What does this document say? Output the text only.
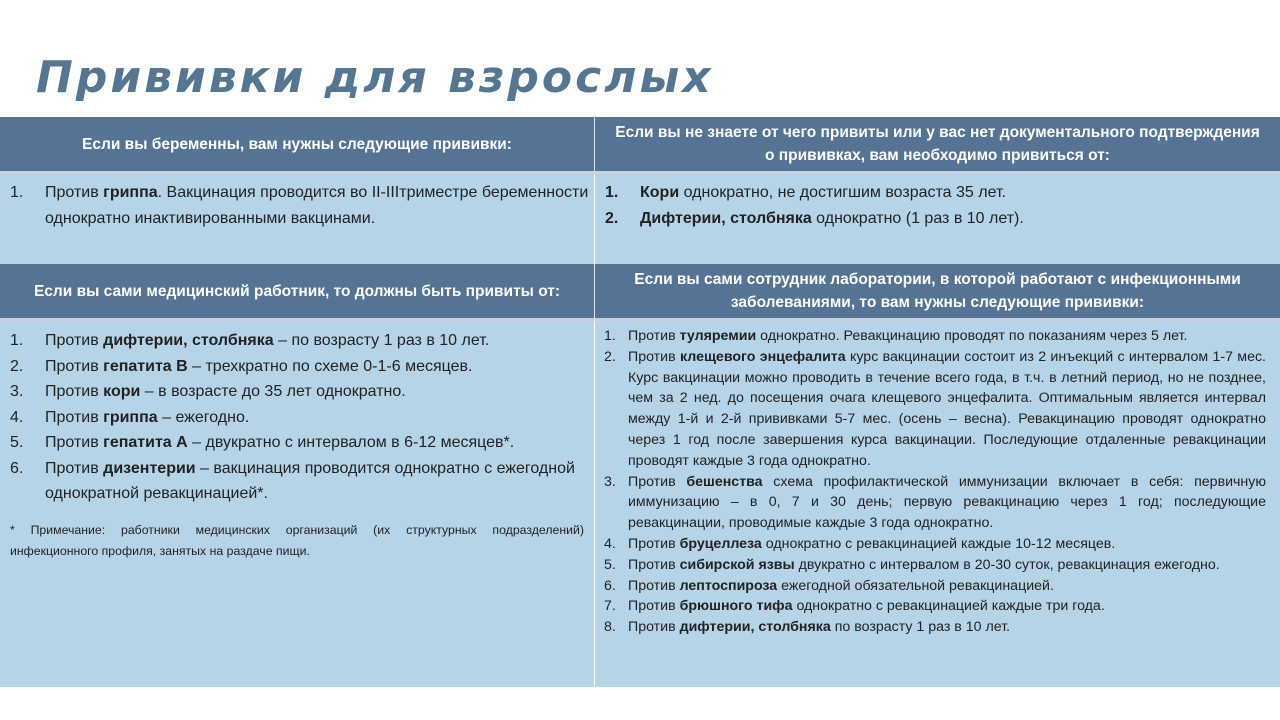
Прививки для взрослых
Если вы беременны, вам нужны следующие прививки:
Если вы не знаете от чего привиты или у вас нет документального подтверждения о прививках, вам необходимо привиться от:
1. Против гриппа. Вакцинация проводится во II-IIIтриместре беременности однократно инактивированными вакцинами.
1. Кори однократно, не достигшим возраста 35 лет.
2. Дифтерии, столбняка однократно (1 раз в 10 лет).
Если вы сами медицинский работник, то должны быть привиты от:
Если вы сами сотрудник лаборатории, в которой работают с инфекционными заболеваниями, то вам нужны следующие прививки:
1. Против дифтерии, столбняка – по возрасту 1 раз в 10 лет.
2. Против гепатита В – трехкратно по схеме 0-1-6 месяцев.
3. Против кори – в возрасте до 35 лет однократно.
4. Против гриппа – ежегодно.
5. Против гепатита А – двукратно с интервалом в 6-12 месяцев*.
6. Против дизентерии – вакцинация проводится однократно с ежегодной однократной ревакцинацией*.
* Примечание: работники медицинских организаций (их структурных подразделений) инфекционного профиля, занятых на раздаче пищи.
1. Против туляремии однократно. Ревакцинацию проводят по показаниям через 5 лет.
2. Против клещевого энцефалита курс вакцинации состоит из 2 инъекций с интервалом 1-7 мес. Курс вакцинации можно проводить в течение всего года, в т.ч. в летний период, но не позднее, чем за 2 нед. до посещения очага клещевого энцефалита. Оптимальным является интервал между 1-й и 2-й прививками 5-7 мес. (осень – весна). Ревакцинацию проводят однократно через 1 год после завершения курса вакцинации. Последующие отдаленные ревакцинации проводят каждые 3 года однократно.
3. Против бешенства схема профилактической иммунизации включает в себя: первичную иммунизацию – в 0, 7 и 30 день; первую ревакцинацию через 1 год; последующие ревакцинации, проводимые каждые 3 года однократно.
4. Против бруцеллеза однократно с ревакцинацией каждые 10-12 месяцев.
5. Против сибирской язвы двукратно с интервалом в 20-30 суток, ревакцинация ежегодно.
6. Против лептоспироза ежегодной обязательной ревакцинацией.
7. Против брюшного тифа однократно с ревакцинацией каждые три года.
8. Против дифтерии, столбняка по возрасту 1 раз в 10 лет.
